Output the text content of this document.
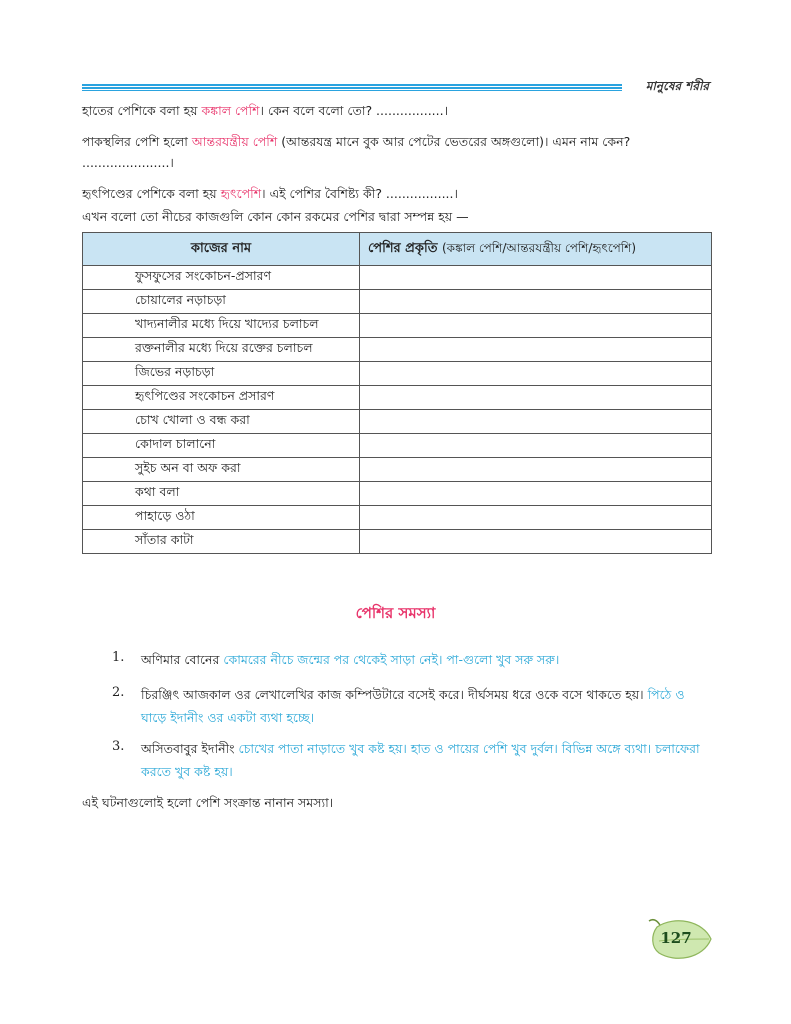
মানুষের শরীর

হাতের পেশিকে বলা হয় কঙ্কাল পেশি। কেন বলে বলো তো? .................।

পাকস্থলির পেশি হলো আন্তরযন্ত্রীয় পেশি (আন্তরযন্ত্র মানে বুক আর পেটের ভেতরের অঙ্গগুলো)। এমন নাম কেন? ......................।

হৃৎপিণ্ডের পেশিকে বলা হয় হৃৎপেশি। এই পেশির বৈশিষ্ট্য কী? .................।

এখন বলো তো নীচের কাজগুলি কোন কোন রকমের পেশির দ্বারা সম্পন্ন হয় —

কাজের নাম	পেশির প্রকৃতি (কঙ্কাল পেশি/আন্তরযন্ত্রীয় পেশি/হৃৎপেশি)
ফুসফুসের সংকোচন-প্রসারণ	
চোয়ালের নড়াচড়া	
খাদ্যনালীর মধ্যে দিয়ে খাদ্যের চলাচল	
রক্তনালীর মধ্যে দিয়ে রক্তের চলাচল	
জিভের নড়াচড়া	
হৃৎপিণ্ডের সংকোচন প্রসারণ	
চোখ খোলা ও বন্ধ করা	
কোদাল চালানো	
সুইচ অন বা অফ করা	
কথা বলা	
পাহাড়ে ওঠা	
সাঁতার কাটা	
পেশির সমস্যা
1. অণিমার বোনের কোমরের নীচে জন্মের পর থেকেই সাড়া নেই। পা-গুলো খুব সরু সরু।

2. চিরঞ্জিৎ আজকাল ওর লেখালেখির কাজ কম্পিউটারে বসেই করে। দীর্ঘসময় ধরে ওকে বসে থাকতে হয়। পিঠে ও ঘাড়ে ইদানীং ওর একটা ব্যথা হচ্ছে।

3. অসিতবাবুর ইদানীং চোখের পাতা নাড়াতে খুব কষ্ট হয়। হাত ও পায়ের পেশি খুব দুর্বল। বিভিন্ন অঙ্গে ব্যথা। চলাফেরা করতে খুব কষ্ট হয়।

এই ঘটনাগুলোই হলো পেশি সংক্রান্ত নানান সমস্যা।

127
